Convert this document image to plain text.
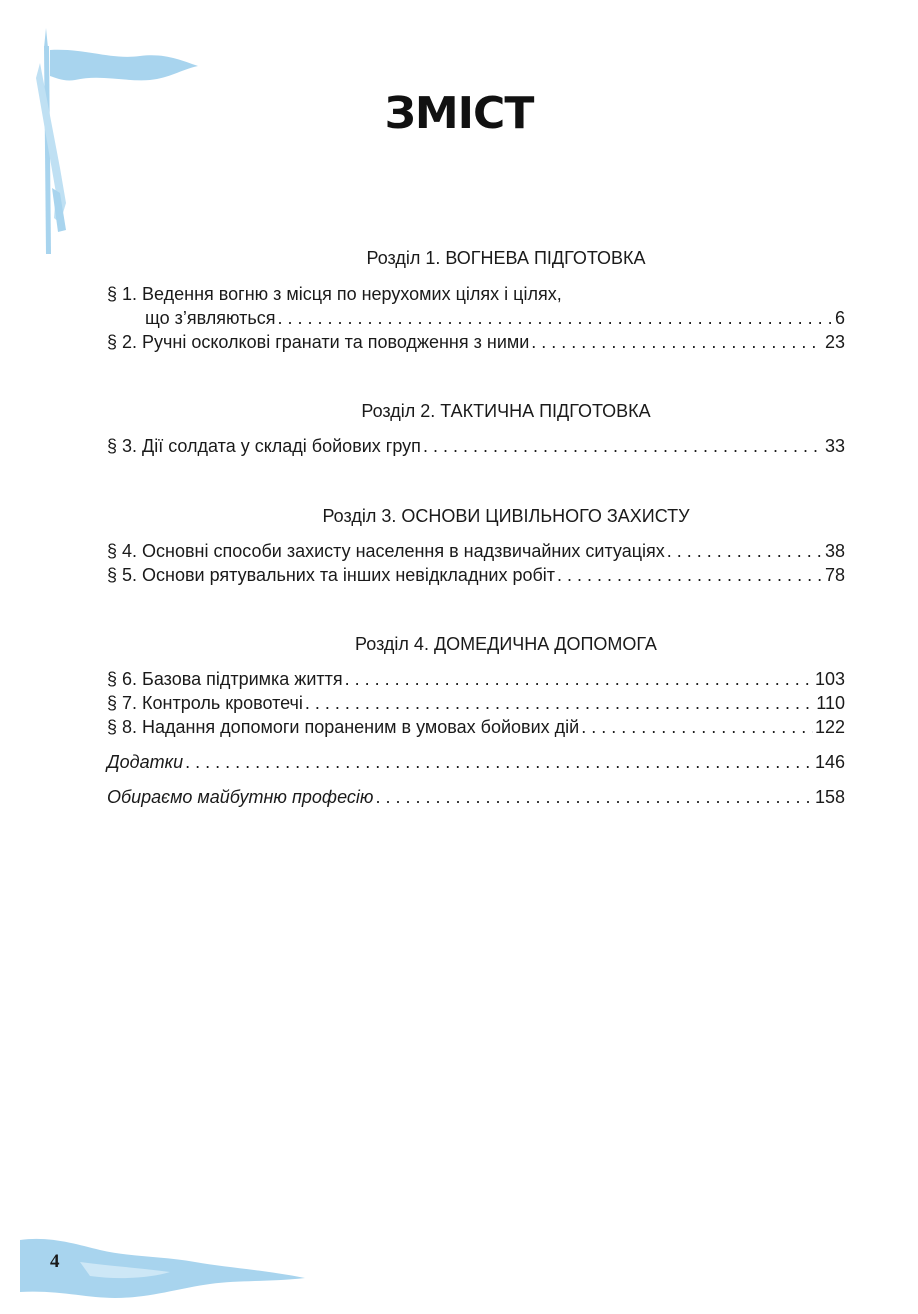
ЗМІСТ
Розділ 1. ВОГНЕВА ПІДГОТОВКА
§ 1. Ведення вогню з місця по нерухомих цілях і цілях,
що з’являються . . .	6
§ 2. Ручні осколкові гранати та поводження з ними . . .	23
Розділ 2. ТАКТИЧНА ПІДГОТОВКА
§ 3. Дії солдата у складі бойових груп . . .	33
Розділ 3. ОСНОВИ ЦИВІЛЬНОГО ЗАХИСТУ
§ 4. Основні способи захисту населення в надзвичайних ситуаціях . . .	38
§ 5. Основи рятувальних та інших невідкладних робіт . . .	78
Розділ 4. ДОМЕДИЧНА ДОПОМОГА
§ 6. Базова підтримка життя . . .	103
§ 7. Контроль кровотечі . . .	110
§ 8. Надання допомоги пораненим в умовах бойових дій . . .	122
Додатки . . .	146
Обираємо майбутню професію . . .	158
4
